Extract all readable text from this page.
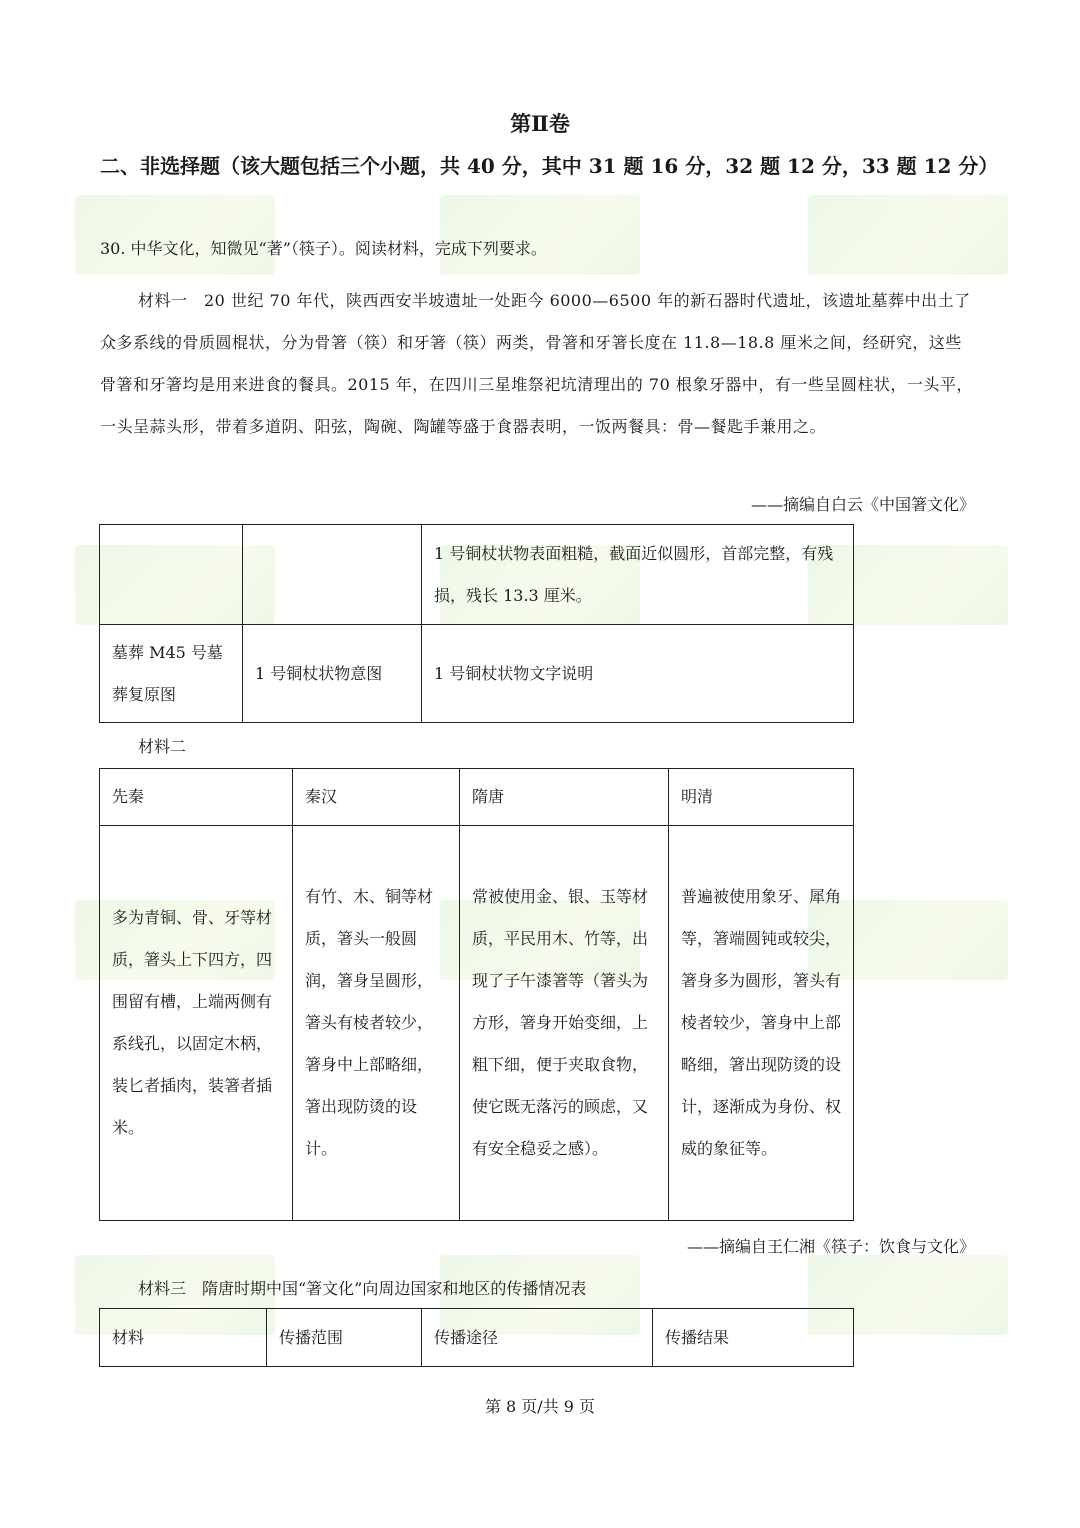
第Ⅱ卷
二、非选择题（该大题包括三个小题，共 40 分，其中 31 题 16 分，32 题 12 分，33 题 12 分）
30. 中华文化，知微见“著”（筷子）。阅读材料，完成下列要求。
材料一　20 世纪 70 年代，陕西西安半坡遗址一处距今 6000—6500 年的新石器时代遗址，该遗址墓葬中出土了众多系线的骨质圆棍状，分为骨箸（筷）和牙箸（筷）两类，骨箸和牙箸长度在 11.8—18.8 厘米之间，经研究，这些骨箸和牙箸均是用来进食的餐具。2015 年，在四川三星堆祭祀坑清理出的 70 根象牙器中，有一些呈圆柱状，一头平，一头呈蒜头形，带着多道阴、阳弦，陶碗、陶罐等盛于食器表明，一饭两餐具：骨—餐匙手兼用之。
——摘编自白云《中国箸文化》
		1 号铜杖状物表面粗糙，截面近似圆形，首部完整，有残损，残长 13.3 厘米。
墓葬 M45 号墓葬复原图	1 号铜杖状物意图	1 号铜杖状物文字说明
材料二
先秦	秦汉	隋唐	明清
多为青铜、骨、牙等材质，箸头上下四方，四围留有槽，上端两侧有系线孔，以固定木柄，装匕者插肉，装箸者插米。	有竹、木、铜等材质，箸头一般圆润，箸身呈圆形，箸头有棱者较少，箸身中上部略细，箸出现防烫的设计。	常被使用金、银、玉等材质，平民用木、竹等，出现了子午漆箸等（箸头为方形，箸身开始变细，上粗下细，便于夹取食物，使它既无落污的顾虑，又有安全稳妥之感）。	普遍被使用象牙、犀角等，箸端圆钝或较尖，箸身多为圆形，箸头有棱者较少，箸身中上部略细，箸出现防烫的设计，逐渐成为身份、权威的象征等。
——摘编自王仁湘《筷子：饮食与文化》
材料三　隋唐时期中国“箸文化”向周边国家和地区的传播情况表
材料	传播范围	传播途径	传播结果
第 8 页/共 9 页
